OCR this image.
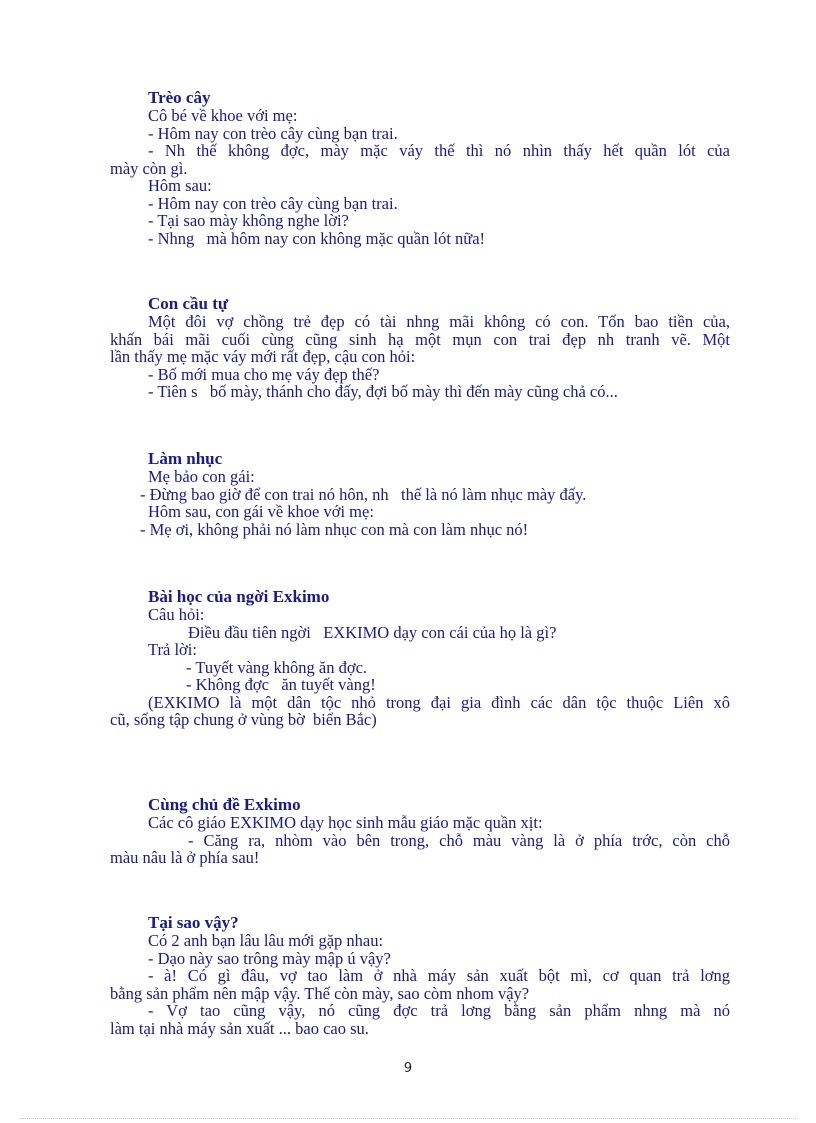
Trèo cây
Cô bé về khoe với mẹ:
- Hôm nay con trèo cây cùng bạn trai.
- Nh thế không đợc, mày mặc váy thế thì nó nhìn thấy hết quần lót của
mày còn gì.
Hôm sau:
- Hôm nay con trèo cây cùng bạn trai.
- Tại sao mày không nghe lời?
- Nhng   mà hôm nay con không mặc quần lót nữa!
Con cầu tự
Một đôi vợ chồng trẻ đẹp có tài nhng mãi không có con. Tốn bao tiền của,
khấn bái mãi cuối cùng cũng sinh hạ một mụn con trai đẹp nh tranh vẽ. Một
lần thấy mẹ mặc váy mới rất đẹp, cậu con hỏi:
- Bố mới mua cho mẹ váy đẹp thế?
- Tiên s   bố mày, thánh cho đấy, đợi bố mày thì đến mày cũng chả có...
Làm nhục
Mẹ bảo con gái:
- Đừng bao giờ để con trai nó hôn, nh   thế là nó làm nhục mày đấy.
Hôm sau, con gái về khoe với mẹ:
- Mẹ ơi, không phải nó làm nhục con mà con làm nhục nó!
Bài học của ngời Exkimo
Câu hỏi:
Điều đầu tiên ngời   EXKIMO dạy con cái của họ là gì?
Trả lời:
- Tuyết vàng không ăn đợc.
- Không đợc   ăn tuyết vàng!
(EXKIMO là một dân tộc nhỏ trong đại gia đình các dân tộc thuộc Liên xô
cũ, sống tập chung ở vùng bờ  biển Bắc)
Cùng chủ đề Exkimo
Các cô giáo EXKIMO dạy học sinh mẫu giáo mặc quần xịt:
- Căng ra, nhòm vào bên trong, chỗ màu vàng là ở phía trớc, còn chỗ
màu nâu là ở phía sau!
Tại sao vậy?
Có 2 anh bạn lâu lâu mới gặp nhau:
- Dạo này sao trông mày mập ú vậy?
- à! Có gì đâu, vợ tao làm ở nhà máy sản xuất bột mì, cơ quan trả lơng
bằng sản phẩm nên mập vậy. Thế còn mày, sao còm nhom vậy?
- Vợ tao cũng vậy, nó cũng đợc trả lơng bằng sản phẩm nhng mà nó
làm tại nhà máy sản xuất ... bao cao su.
9
